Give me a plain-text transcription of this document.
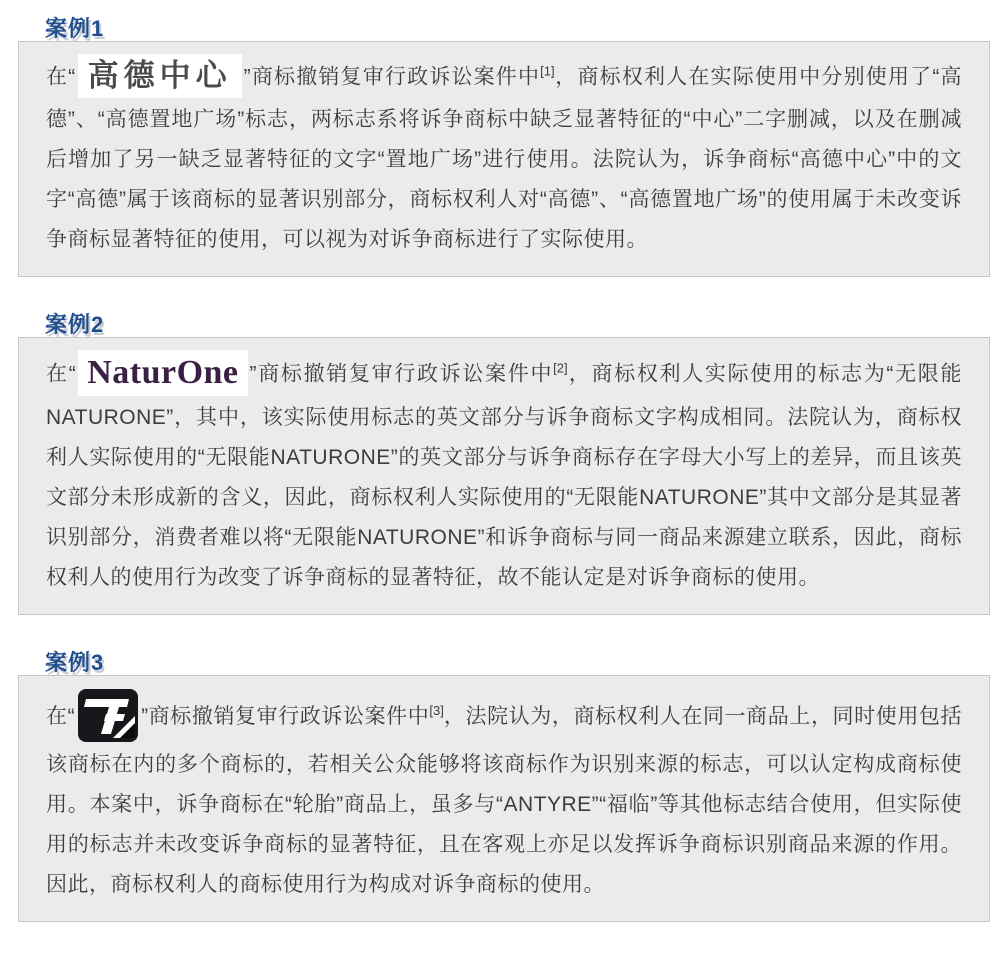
案例1

在“ 高德中心 ”商标撤销复审行政诉讼案件中[1]，商标权利人在实际使用中分别使用了“高德”、“高德置地广场”标志，两标志系将诉争商标中缺乏显著特征的“中心”二字删减，以及在删减后增加了另一缺乏显著特征的文字“置地广场”进行使用。法院认为，诉争商标“高德中心”中的文字“高德”属于该商标的显著识别部分，商标权利人对“高德”、“高德置地广场”的使用属于未改变诉争商标显著特征的使用，可以视为对诉争商标进行了实际使用。

案例2

在“ NaturOne ”商标撤销复审行政诉讼案件中[2]，商标权利人实际使用的标志为“无限能NATURONE”，其中，该实际使用标志的英文部分与诉争商标文字构成相同。法院认为，商标权利人实际使用的“无限能NATURONE”的英文部分与诉争商标存在字母大小写上的差异，而且该英文部分未形成新的含义，因此，商标权利人实际使用的“无限能NATURONE”其中文部分是其显著识别部分，消费者难以将“无限能NATURONE”和诉争商标与同一商品来源建立联系，因此，商标权利人的使用行为改变了诉争商标的显著特征，故不能认定是对诉争商标的使用。

案例3

在“	”商标撤销复审行政诉讼案件中[3]，法院认为，商标权利人在同一商品上，同时使用包括该商标在内的多个商标的，若相关公众能够将该商标作为识别来源的标志，可以认定构成商标使用。本案中，诉争商标在“轮胎”商品上，虽多与“ANTYRE”“福临”等其他标志结合使用，但实际使用的标志并未改变诉争商标的显著特征，且在客观上亦足以发挥诉争商标识别商品来源的作用。因此，商标权利人的商标使用行为构成对诉争商标的使用。
